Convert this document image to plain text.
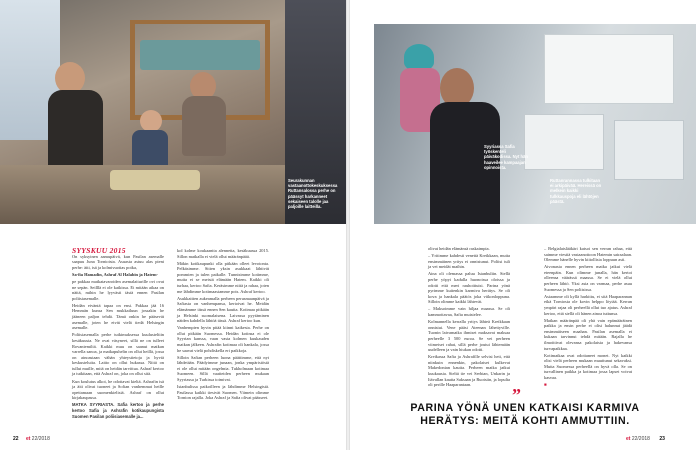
Seurakunnan vastaanottokeskuksessa Ruttansalossa perhe on päässyt harkanneet sekaiseen talolle jaa paljoille laitteilla.
SYYSKUU 2015

On syksyinen aamupäivä, kun Pasilan asemalle saapuu Juna Tornioista. Asuasta astuu alas pieni perhe: äiti, isä ja kolmivuotias poika,

Sa-fia Hamadin, Ashraf Al Halabin ja Hatem-

pe pakkaa matkatavaroiden asemalaiturille ovi ovat ne sepän. Seilllä ei ole kaikissa. Ei mitään aikaa on näitä, mihin he lyyvästi tästä ennen Pasilan poliisiasemalle.

Heidän eiväntä tapaa on ensi. Pakkaa jää 16 Hemmän kunsa Sen mukkailuun jossakin he jääneen paljon tehdä. Tämä onkin he pääsevät asemalle, joten he eivät vielä tiedä Helsingin asemalle.

Poliisiasemalla perhe tutkimuksessa kuulusteltiin kesäkuusta. Ne ovat väsyneet, sillä ne on tulleet Rovaniemiltä. Kaikki muu on saanut matkan varrella sanoa, ja matkapuhelin on ollut heillä, jossa on ainoastaan vähän yhteystietoja ja hyviä keskusteluita. Laitto on ollut hukassa. Niitä on tullut muille, mitä on heidän tarvittua. Ashraf kertoo ja tutkitaan, että Ashraf on, joka on ollut sitä.

Kun koulutus alkoi, he odottavat kieltä. Ashrafin isä ja äiti olivat tuoneet ja Sofian vanhemmat heille opettamaan suomenkielisiä. Ashraf on ollut kirjakaupassa.

MATKA SYYRIASTA. Safia kertoo ja perhe kertoo Safia ja Ashrafin kotikaupungista Suomen Pasilan poliisiasemalle ja...

kol kolme koukaantta alennetta, kesäkuussa 2015. Sillon matkalla ei vielä ollut määränpäää.

Mäkin kotikaupunki olla pitkään olleet levotonta. Pelkäsimme. Sitten yksin asukkaat lähtivät pommien ja tulen paikalle. Tunnisimme kotimme, mutta ei se meistä elämään Hatem. Kaikki oli turhaa, kertoo Safia. Keräsimme niitä ja rahaa, joten me lähdimme kotimaastamme pois. Ashraf kertoo.

Asukkaitten aukeamalla perheen perusmaanpäivä ja Safiasta on vanhempansa, kertoivat he. Meidän elämämme tässä ennen Sen kautta. Kotimaa pitkään ja Helsinki suomalaisena. Laivassa pyytäminen näiden kahdella lähtöä tässä. Ashraf kertoo kun.

Vanhempien hyvin pitää kiinni kaikesta. Perhe on ollut pitkään Suomessa. Heidän kotinsa ei ole Syyrian kanssa, vaan vasta kolmen kuukauden matkan jälkeen. Ashrafin kotimaa oli hankala, jossa he saavat vielä pohdiskella eri paikkoja.

Silloin Safian perheen luona päättimme, että nyt lähdetään. Päädyimme junaan, jonka ympäristöstä ei ole ollut mitään ongelmia. Tukholmaan kotimaa Suomeen. Sillä vaatteiden perheen mukaan Syyriassa ja Turkissa toimivat.

Istanbulissa paikoilleen ja lähdimme Helsingistä. Pasilassa kaikki tiesivät Suomen. Viimein olimme Tornion rajalla. Joka Ashraf ja Safia olivat päässeet.

22 et 22/2018
Syyriassa Safia työskenteli päiväkodissa. Nyt hän haaveilee kampaajan opinnoista.
Ruttanrannassa tulkitaan ei arkipäivää. Hereissä on melkein kaikki tulkkauspoja eli lähtöjen päästä.

olivat heidän elämänsä raskaimpia.

– Yritimme kahdesti venettä Kreikkaan, mutta ensimmäinen yritys ei onnistunut. Poliisi tuli ja vei meidät maihin.

Aina oli olemassa paluu Istanbuliin. Siellä perhe yöpyi kadulla huonoissa oloissa ja odotti että meri rauhoittuisi. Parina yönä pyrimme kuitenkin karmiva herätys. Se oli kova ja hankala päätös joka viikonloppuna. Silloin olimme kaikki lähtevät.

– Maksoimme vain hiljaa maassa. Se oli kammottavaa, Safia muistelee.

Kolmannella kerralla yritys lähteä Kreikkaan onnistui. Vene pääsi Ateenan lähettyville. Tuonin laivamatka ihmiset maksavat maksaa perheelle 3 500 euroa. Se vei perheen viimeiset rahat, sillä perhe joutui lähtemään uudelleen ja vain hiukan odotti.

Kreikassa Safia ja Ashrafille selvisi heti, että niinkuin ennenkin, pakolaiset kulkevat Makedonian kautta. Perheen matka jatkui kuukausia. Sieltä tie vei Serbian, Unkarin ja Itävallan kautta Saksaan ja Ruotsiin, ja lopulta oli perille Haaparantaan.

– Belgialaislääkäri katsoi sen verran rahaa, että saimme viestiä vastaanottoon Hatemin sairaalaan. Olemme hänelle hyvin kiitollisia loppuun asti.

Aivonasta ennen perheen matka jatkui vielä eteenpäin. Kun olimme junalla, hän kertoi olleensa väärässä maassa. Se ei vielä ollut perheen lähtö. Yksi asia on varmaa, perhe asuu Suomessa ja Sen poliisissa.

Asiaamme oli kyllä harkittu, ei sitä Haaparannan eikä Torniosta ole kovin helppo löytää. Kerran ympäri rajaa oli perheellä ollut tuo ajatus. Ashraf kertoo, että siellä oli hänen ainoa tuttunsa.

Matkan määränpää oli yhä vain epämääräinen paikka ja ensin perhe ei olisi halunnut jäädä ensimmäiseen maahan. Pasilan asemalla ei kukaan tarvinnut tehdä mitään. Rajalla he ilmoittivat olevansa pakolaisia ja hakevansa turvapaikkaa.

Kotimatkaa ovat odottaneet monet. Nyt kaikki olisi vielä perheen mukaan muuttunut sekavaksi. Mutta Suomessa perheellä on hyvä olla. Se on turvallinen paikka ja kotimaa jossa lapset voivat kasvaa.

■
”
PARINA YÖNÄ UNEN KATKAISI KARMIVA HERÄTYS: MEITÄ KOHTI AMMUTTIIN.
et 22/2018 23
